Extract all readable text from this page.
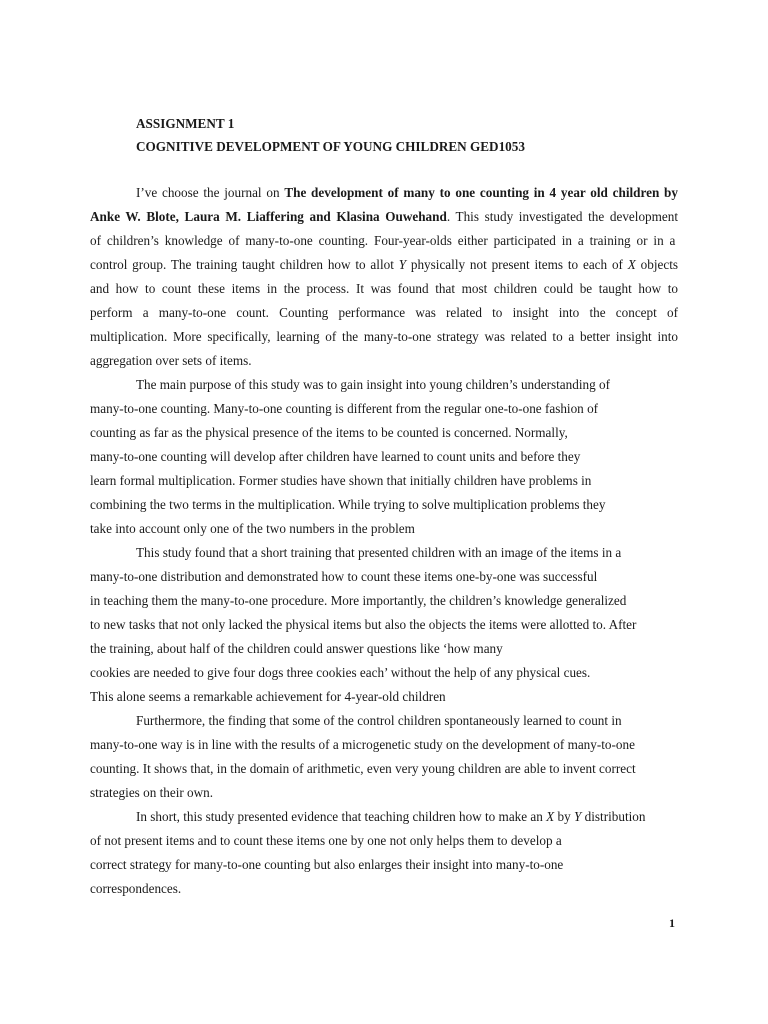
ASSIGNMENT 1
COGNITIVE DEVELOPMENT OF YOUNG CHILDREN GED1053
I’ve choose the journal on The development of many to one counting in 4 year old children by
Anke W. Blote, Laura M. Liaffering and Klasina Ouwehand. This study investigated the development
of children’s knowledge of many-to-one counting. Four-year-olds either participated in a training or in a
control group. The training taught children how to allot Y physically not present items to each of X objects
and how to count these items in the process. It was found that most children could be taught how to
perform a many-to-one count. Counting performance was related to insight into the concept of
multiplication. More specifically, learning of the many-to-one strategy was related to a better insight into
aggregation over sets of items.
The main purpose of this study was to gain insight into young children’s understanding of
many-to-one counting. Many-to-one counting is different from the regular one-to-one fashion of
counting as far as the physical presence of the items to be counted is concerned. Normally,
many-to-one counting will develop after children have learned to count units and before they
learn formal multiplication. Former studies have shown that initially children have problems in
combining the two terms in the multiplication. While trying to solve multiplication problems they
take into account only one of the two numbers in the problem
This study found that a short training that presented children with an image of the items in a
many-to-one distribution and demonstrated how to count these items one-by-one was successful
in teaching them the many-to-one procedure. More importantly, the children’s knowledge generalized
to new tasks that not only lacked the physical items but also the objects the items were allotted to. After
the training, about half of the children could answer questions like ‘how many
cookies are needed to give four dogs three cookies each’ without the help of any physical cues.
This alone seems a remarkable achievement for 4-year-old children
Furthermore, the finding that some of the control children spontaneously learned to count in
many-to-one way is in line with the results of a microgenetic study on the development of many-to-one
counting. It shows that, in the domain of arithmetic, even very young children are able to invent correct
strategies on their own.
In short, this study presented evidence that teaching children how to make an X by Y distribution
of not present items and to count these items one by one not only helps them to develop a
correct strategy for many-to-one counting but also enlarges their insight into many-to-one
correspondences.
1
